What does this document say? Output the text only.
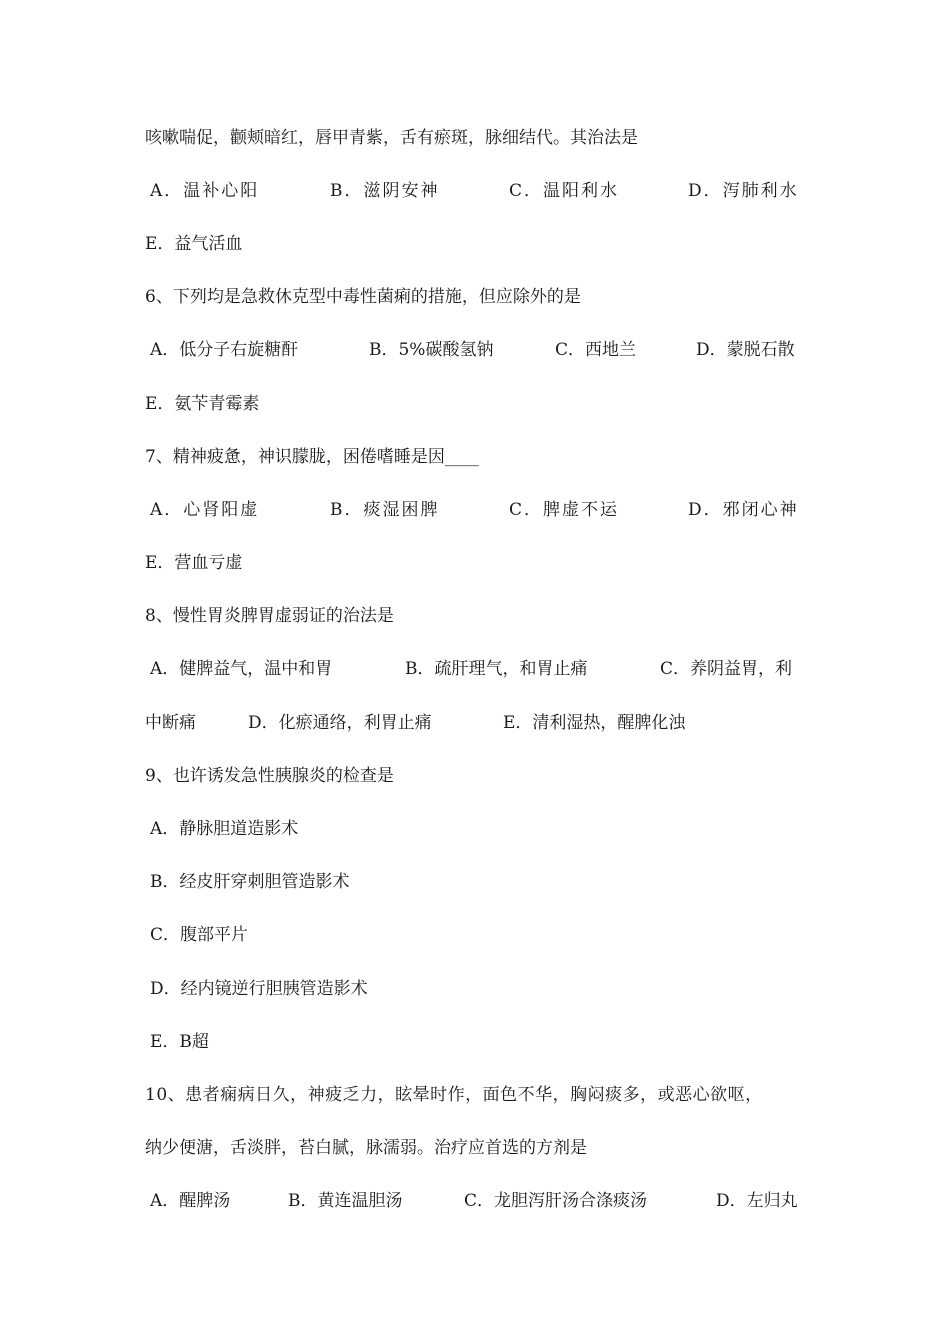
咳嗽喘促，颧颊暗红，唇甲青紫，舌有瘀斑，脉细结代。其治法是
A．温补心阳	B．滋阴安神	C．温阳利水	D．泻肺利水
E．益气活血
6、下列均是急救休克型中毒性菌痢的措施，但应除外的是
A．低分子右旋糖酐	B．5%碳酸氢钠	C．西地兰	D．蒙脱石散
E．氨苄青霉素
7、精神疲惫，神识朦胧，困倦嗜睡是因____
A．心肾阳虚	B．痰湿困脾	C．脾虚不运	D．邪闭心神
E．营血亏虚
8、慢性胃炎脾胃虚弱证的治法是
A．健脾益气，温中和胃	B．疏肝理气，和胃止痛	C．养阴益胃，利
中断痛	D．化瘀通络，利胃止痛	E．清利湿热，醒脾化浊
9、也许诱发急性胰腺炎的检查是
A．静脉胆道造影术
B．经皮肝穿刺胆管造影术
C．腹部平片
D．经内镜逆行胆胰管造影术
E．B超
10、患者痫病日久，神疲乏力，眩晕时作，面色不华，胸闷痰多，或恶心欲呕，
纳少便溏，舌淡胖，苔白腻，脉濡弱。治疗应首选的方剂是
A．醒脾汤	B．黄连温胆汤	C．龙胆泻肝汤合涤痰汤	D．左归丸
